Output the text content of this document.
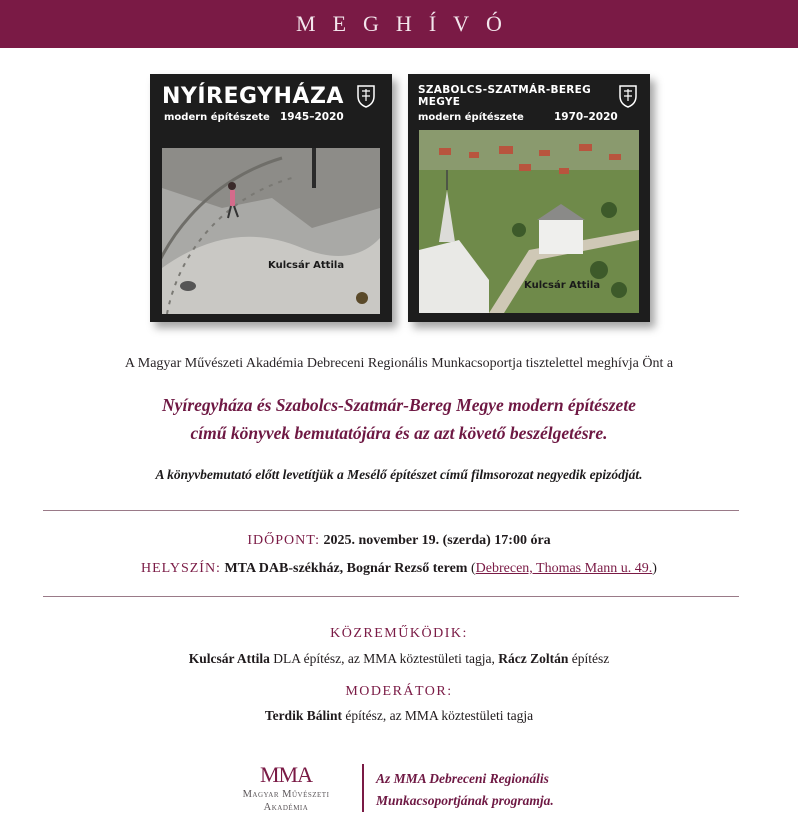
MEGHÍVÓ
NYÍREGYHÁZA
modern építészete 1945–2020
Kulcsár Attila
SZABOLCS-SZATMÁR-BEREG
MEGYE
modern építészete	1970–2020
Kulcsár Attila
A Magyar Művészeti Akadémia Debreceni Regionális Munkacsoportja tisztelettel meghívja Önt a
Nyíregyháza és Szabolcs-Szatmár-Bereg Megye modern építészete
című könyvek bemutatójára és az azt követő beszélgetésre.
A könyvbemutató előtt levetítjük a Mesélő építészet című filmsorozat negyedik epizódját.
IDŐPONT: 2025. november 19. (szerda) 17:00 óra
HELYSZÍN: MTA DAB-székház, Bognár Rezső terem (Debrecen, Thomas Mann u. 49.)
KÖZREMŰKÖDIK:
Kulcsár Attila DLA építész, az MMA köztestületi tagja, Rácz Zoltán építész
MODERÁTOR:
Terdik Bálint építész, az MMA köztestületi tagja
MMA
Magyar Művészeti
Akadémia
Az MMA Debreceni Regionális
Munkacsoportjának programja.
